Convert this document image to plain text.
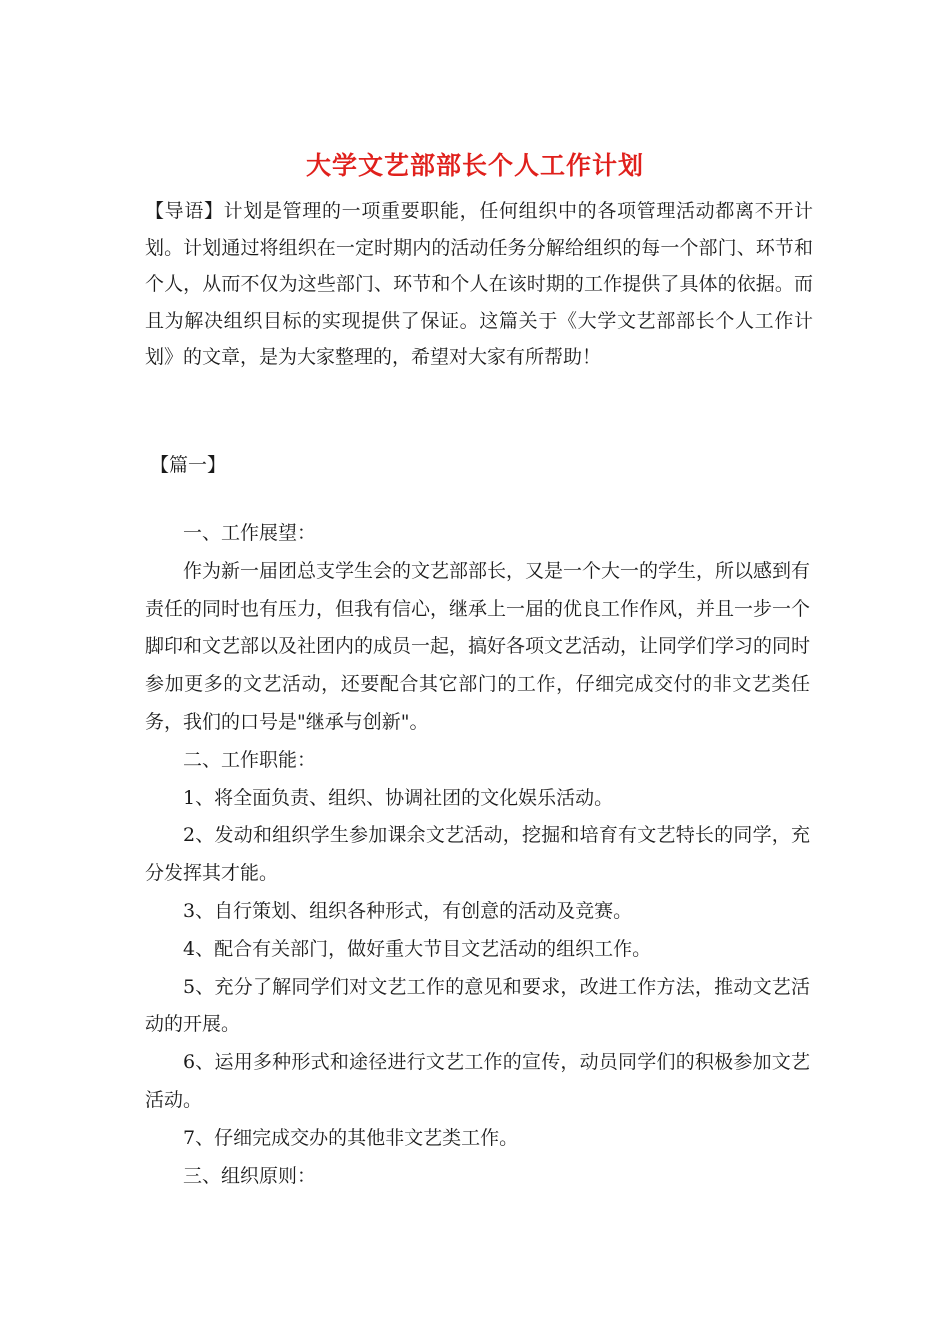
大学文艺部部长个人工作计划
【导语】计划是管理的一项重要职能，任何组织中的各项管理活动都离不开计划。计划通过将组织在一定时期内的活动任务分解给组织的每一个部门、环节和个人，从而不仅为这些部门、环节和个人在该时期的工作提供了具体的依据。而且为解决组织目标的实现提供了保证。这篇关于《大学文艺部部长个人工作计划》的文章，是为大家整理的，希望对大家有所帮助！
【篇一】

一、工作展望：

作为新一届团总支学生会的文艺部部长，又是一个大一的学生，所以感到有责任的同时也有压力，但我有信心，继承上一届的优良工作作风，并且一步一个脚印和文艺部以及社团内的成员一起，搞好各项文艺活动，让同学们学习的同时参加更多的文艺活动，还要配合其它部门的工作，仔细完成交付的非文艺类任务，我们的口号是"继承与创新"。

二、工作职能：

1、将全面负责、组织、协调社团的文化娱乐活动。

2、发动和组织学生参加课余文艺活动，挖掘和培育有文艺特长的同学，充分发挥其才能。

3、自行策划、组织各种形式，有创意的活动及竞赛。

4、配合有关部门，做好重大节目文艺活动的组织工作。

5、充分了解同学们对文艺工作的意见和要求，改进工作方法，推动文艺活动的开展。

6、运用多种形式和途径进行文艺工作的宣传，动员同学们的积极参加文艺活动。

7、仔细完成交办的其他非文艺类工作。

三、组织原则：
